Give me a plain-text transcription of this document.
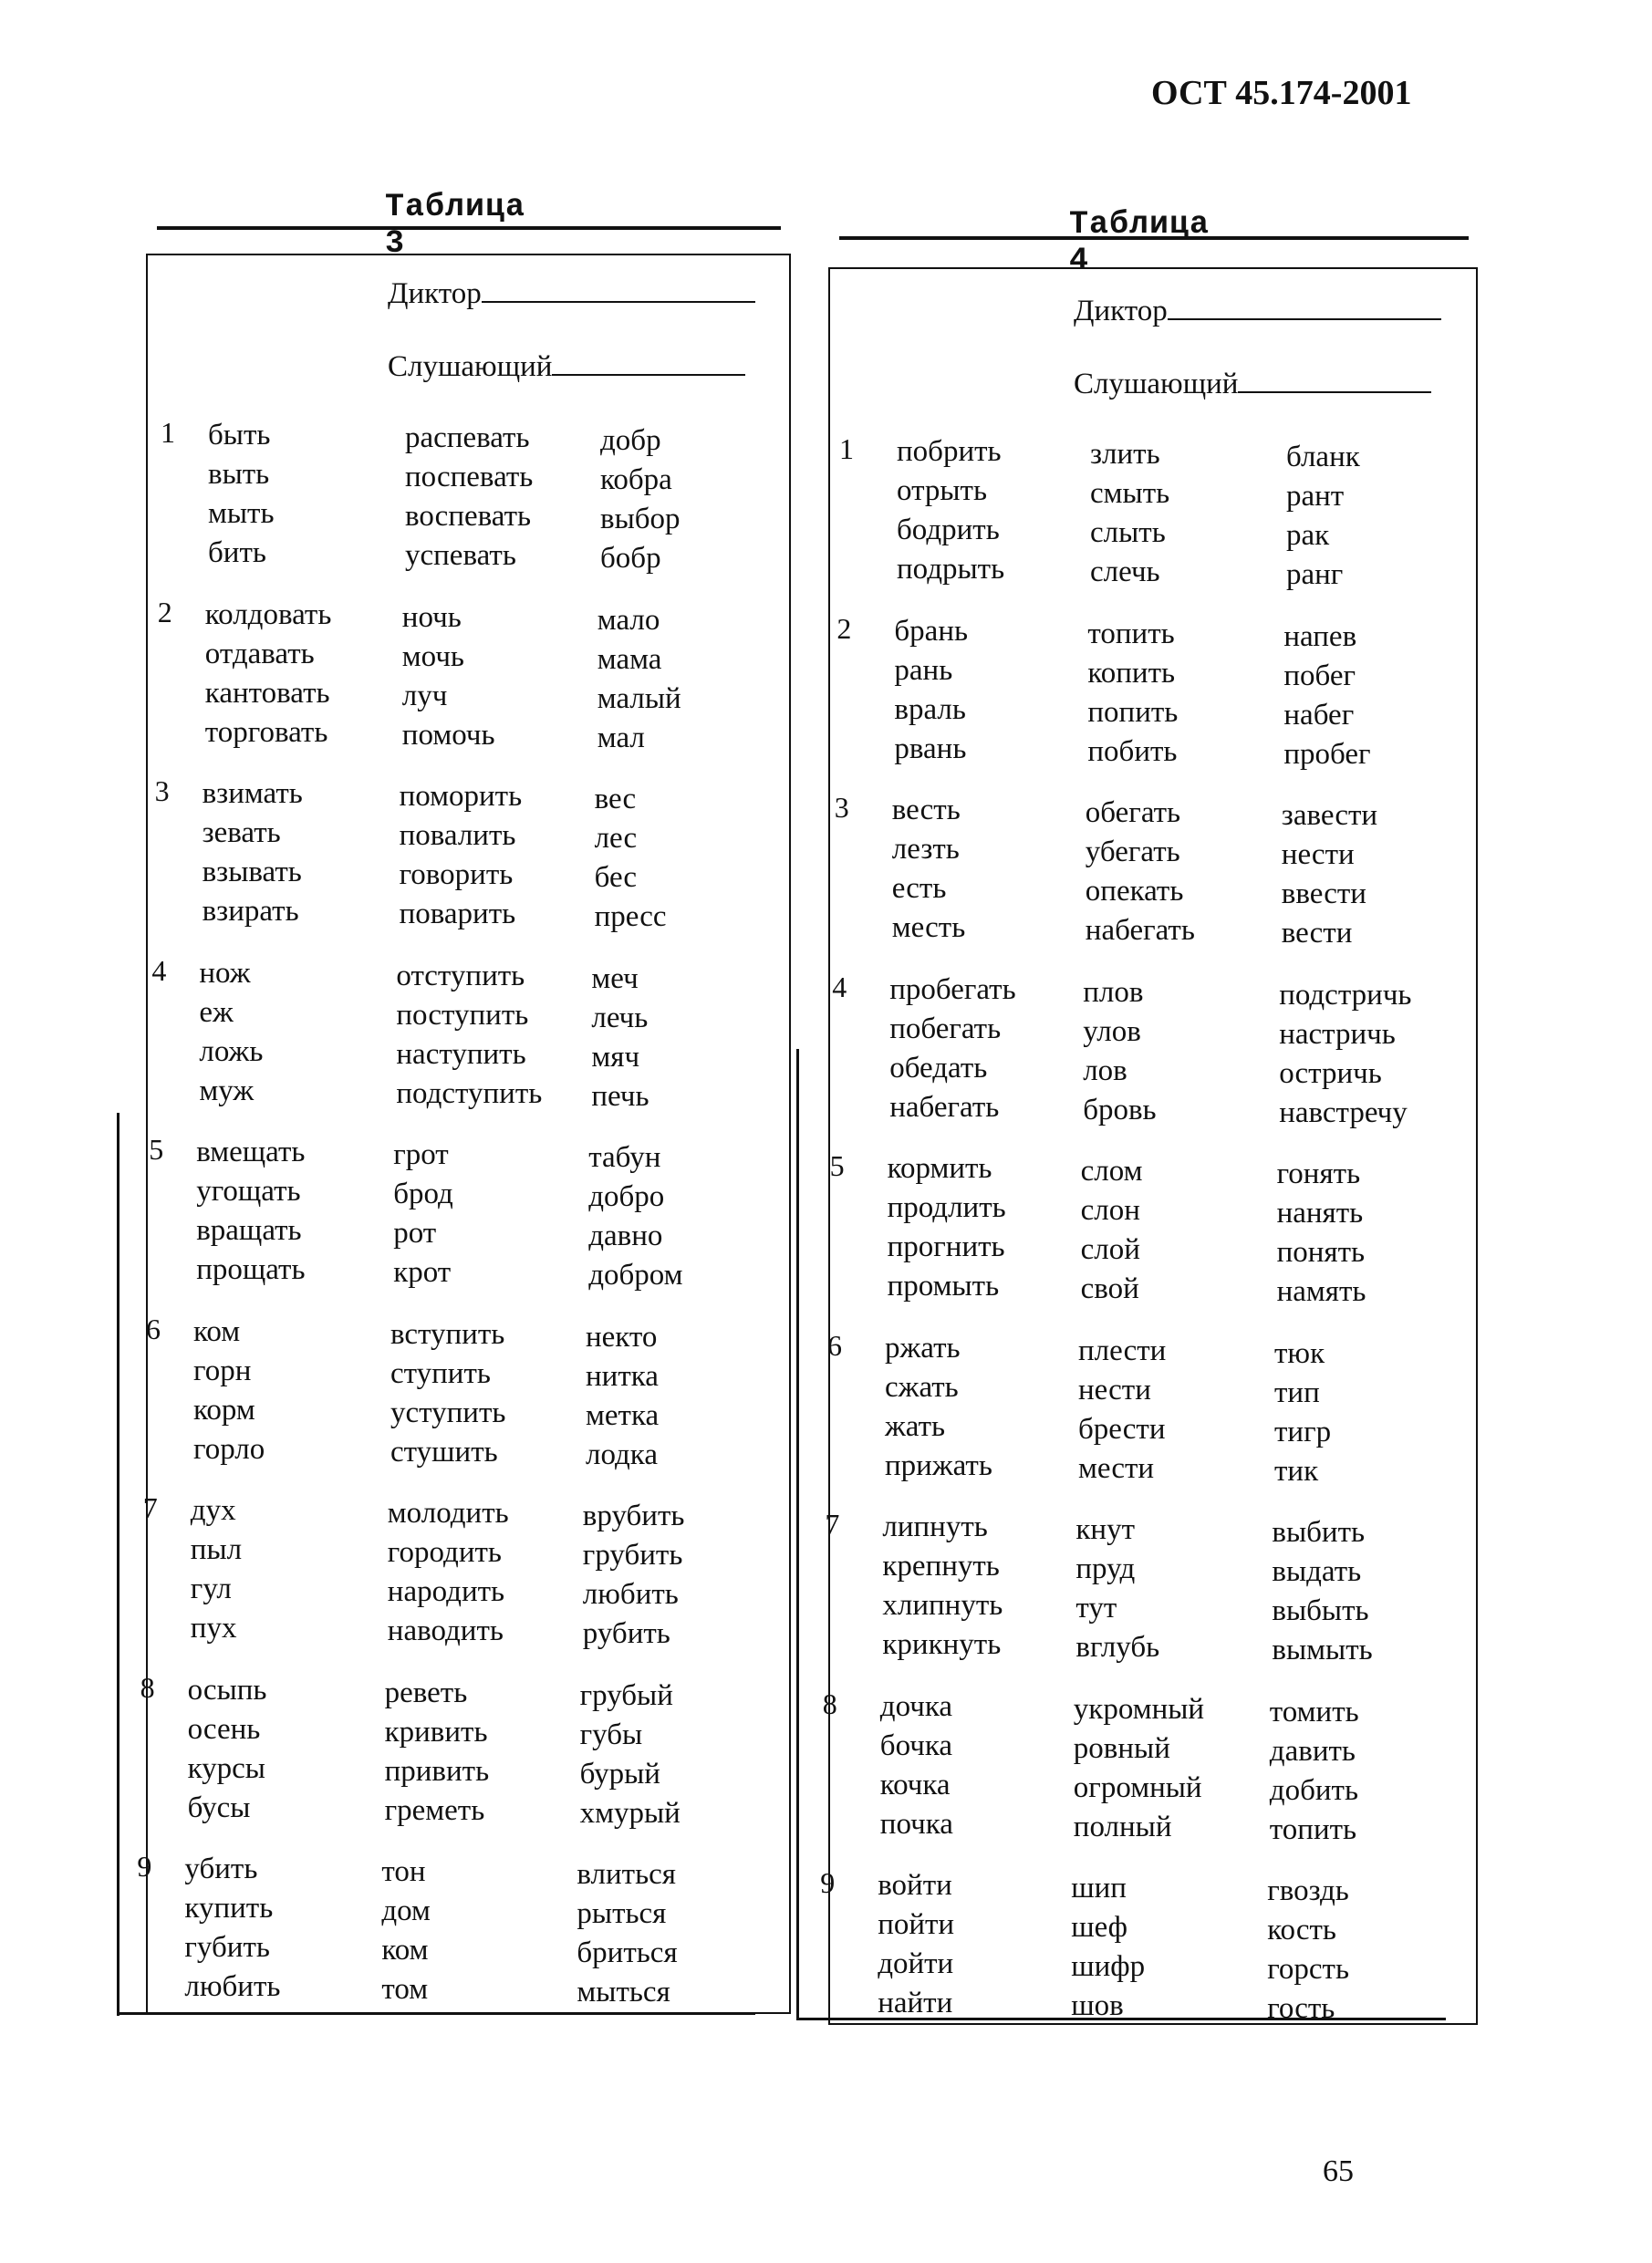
ОСТ 45.174-2001
Таблица 3
Диктор
Слушающий
1 быть
выть
мыть
бить
распевать
поспевать
воспевать
успевать
добр
кобра
выбор
бобр
2 колдовать
отдавать
кантовать
торговать
ночь
мочь
луч
помочь
мало
мама
малый
мал
3 взимать
зевать
взывать
взирать
поморить
повалить
говорить
поварить
вес
лес
бес
пресс
4 нож
еж
ложь
муж
отступить
поступить
наступить
подступить
меч
лечь
мяч
печь
5 вмещать
угощать
вращать
прощать
грот
брод
рот
крот
табун
добро
давно
добром
6 ком
горн
корм
горло
вступить
ступить
уступить
стушить
некто
нитка
метка
лодка
7 дух
пыл
гул
пух
молодить
городить
народить
наводить
врубить
грубить
любить
рубить
8 осыпь
осень
курсы
бусы
реветь
кривить
привить
греметь
грубый
губы
бурый
хмурый
9 убить
купить
губить
любить
тон
дом
ком
том
влиться
рыться
бриться
мыться
Таблица 4
Диктор
Слушающий
1 побрить
отрыть
бодрить
подрыть
злить
смыть
слыть
слечь
бланк
рант
рак
ранг
2 брань
рань
враль
рвань
топить
копить
попить
побить
напев
побег
набег
пробег
3 весть
лезть
есть
месть
обегать
убегать
опекать
набегать
завести
нести
ввести
вести
4 пробегать
побегать
обедать
набегать
плов
улов
лов
бровь
подстричь
настричь
остричь
навстречу
5 кормить
продлить
прогнить
промыть
слом
слон
слой
свой
гонять
нанять
понять
намять
6 ржать
сжать
жать
прижать
плести
нести
брести
мести
тюк
тип
тигр
тик
7 липнуть
крепнуть
хлипнуть
крикнуть
кнут
пруд
тут
вглубь
выбить
выдать
выбыть
вымыть
8 дочка
бочка
кочка
почка
укромный
ровный
огромный
полный
томить
давить
добить
топить
9 войти
пойти
дойти
найти
шип
шеф
шифр
шов
гвоздь
кость
горсть
гость
65
